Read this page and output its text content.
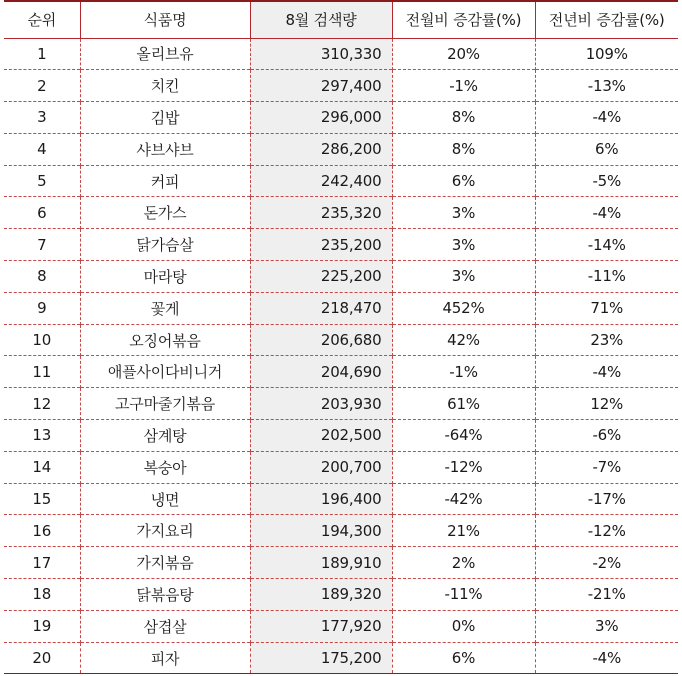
순위	식품명	8월 검색량	전월비 증감률(%)	전년비 증감률(%)
1	올리브유	310,330	20%	109%
2	치킨	297,400	-1%	-13%
3	김밥	296,000	8%	-4%
4	샤브샤브	286,200	8%	6%
5	커피	242,400	6%	-5%
6	돈가스	235,320	3%	-4%
7	닭가슴살	235,200	3%	-14%
8	마라탕	225,200	3%	-11%
9	꽃게	218,470	452%	71%
10	오징어볶음	206,680	42%	23%
11	애플사이다비니거	204,690	-1%	-4%
12	고구마줄기볶음	203,930	61%	12%
13	삼계탕	202,500	-64%	-6%
14	복숭아	200,700	-12%	-7%
15	냉면	196,400	-42%	-17%
16	가지요리	194,300	21%	-12%
17	가지볶음	189,910	2%	-2%
18	닭볶음탕	189,320	-11%	-21%
19	삼겹살	177,920	0%	3%
20	피자	175,200	6%	-4%
